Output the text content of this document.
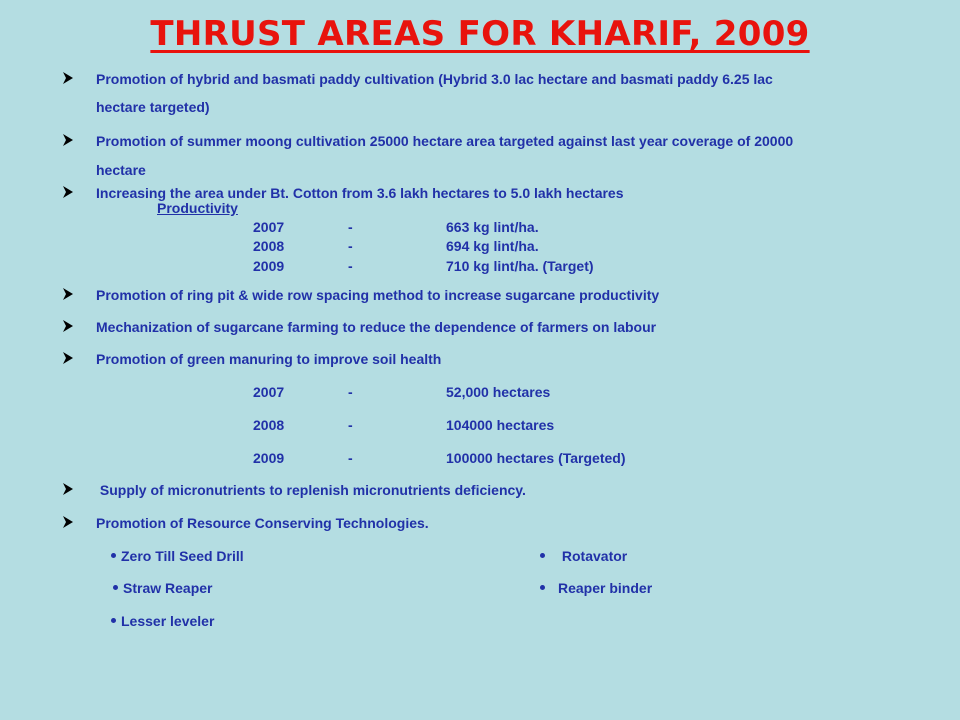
THRUST AREAS FOR KHARIF, 2009
Promotion of hybrid and basmati paddy cultivation (Hybrid 3.0 lac hectare and basmati paddy 6.25 lac
hectare targeted)
Promotion of summer moong cultivation 25000 hectare area targeted against last year coverage of 20000
hectare
Increasing the area under Bt. Cotton from 3.6 lakh hectares to 5.0 lakh hectares
Productivity
2007	-	663 kg lint/ha.
2008	-	694 kg lint/ha.
2009	-	710 kg lint/ha. (Target)
Promotion of ring pit & wide row spacing method to increase sugarcane productivity
Mechanization of sugarcane farming to reduce the dependence of farmers on labour
Promotion of green manuring to improve soil health
2007	-	52,000 hectares
2008	-	104000 hectares
2009	-	100000 hectares (Targeted)
Supply of micronutrients to replenish micronutrients deficiency.
Promotion of Resource Conserving Technologies.
Zero Till Seed Drill	Rotavator
Straw Reaper	Reaper binder
Lesser leveler
